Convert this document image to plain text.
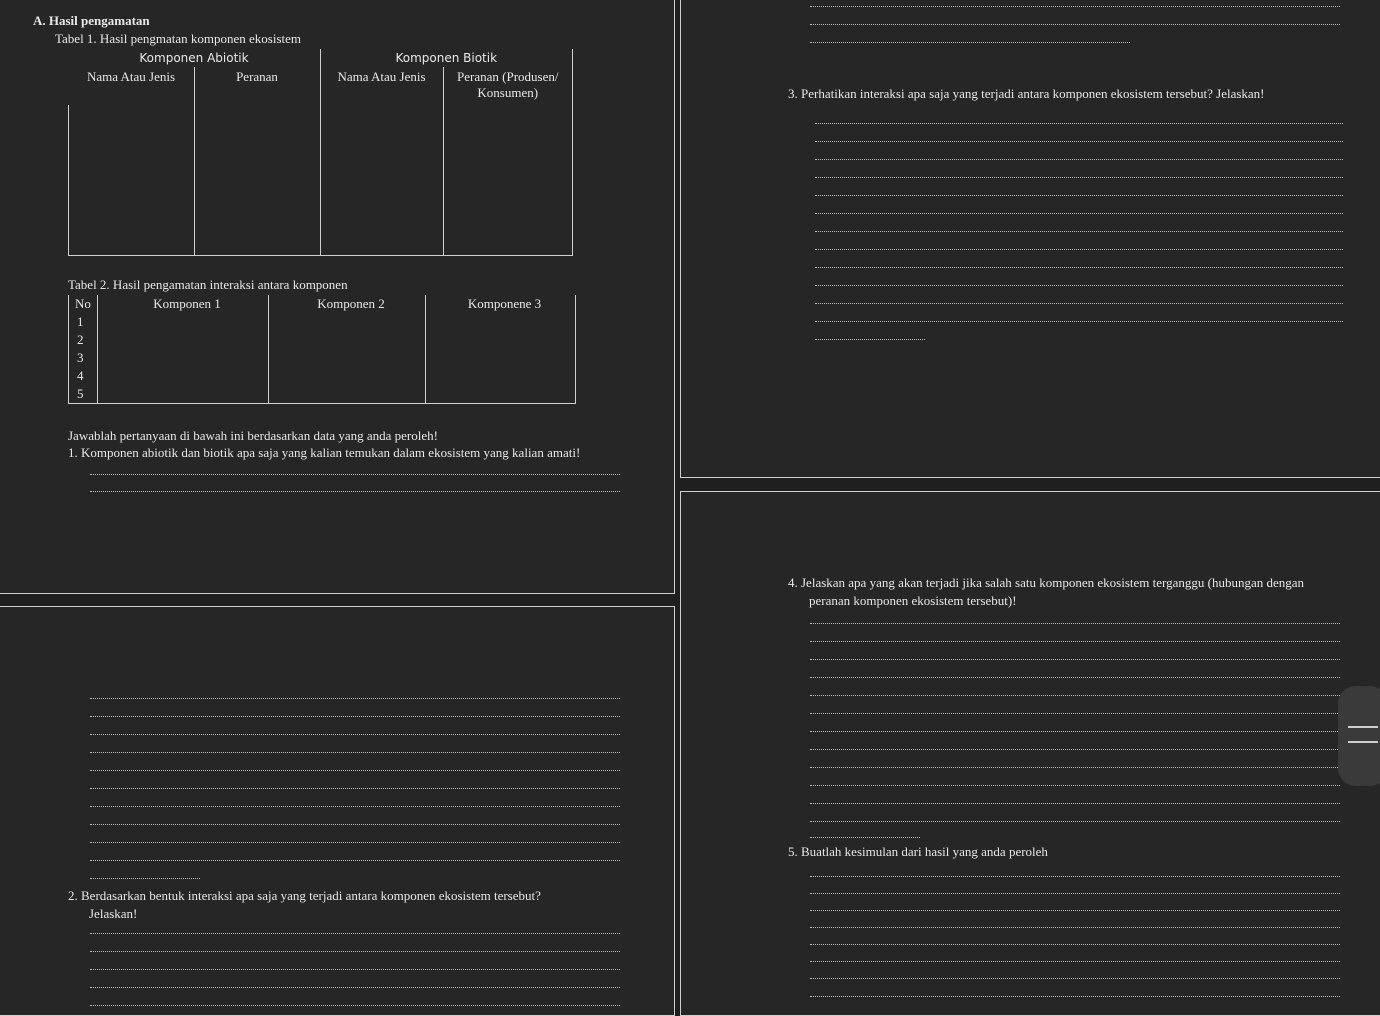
A. Hasil pengamatan
Tabel 1. Hasil pengmatan komponen ekosistem
Komponen Abiotik		Komponen Biotik	
Nama Atau Jenis	Peranan	Nama Atau Jenis	Peranan (Produsen/ Konsumen)

Tabel 2. Hasil pengamatan interaksi antara komponen
No	Komponen 1	Komponen 2	Komponene 3
1			
2			
3			
4			
5			
Jawablah pertanyaan di bawah ini berdasarkan data yang anda peroleh!
1. Komponen abiotik dan biotik apa saja yang kalian temukan dalam ekosistem yang kalian amati!
2. Berdasarkan bentuk interaksi apa saja yang terjadi antara komponen ekosistem tersebut?
Jelaskan!
3. Perhatikan interaksi apa saja yang terjadi antara komponen ekosistem tersebut? Jelaskan!
4. Jelaskan apa yang akan terjadi jika salah satu komponen ekosistem terganggu (hubungan dengan
peranan komponen ekosistem tersebut)!
5. Buatlah kesimulan dari hasil yang anda peroleh
